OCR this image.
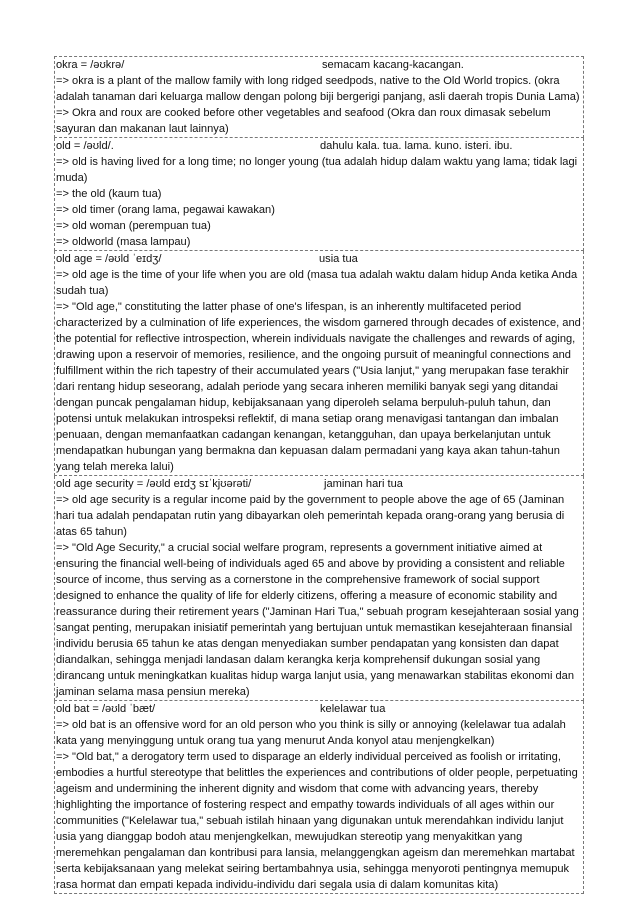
okra = /əʊkrə/	semacam kacang-kacangan.
=> okra is a plant of the mallow family with long ridged seedpods, native to the Old World tropics. (okra adalah tanaman dari keluarga mallow dengan polong biji bergerigi panjang, asli daerah tropis Dunia Lama)
=> Okra and roux are cooked before other vegetables and seafood (Okra dan roux dimasak sebelum sayuran dan makanan laut lainnya)
old = /əʊld/.	dahulu kala. tua. lama. kuno. isteri. ibu.
=> old is having lived for a long time; no longer young (tua adalah hidup dalam waktu yang lama; tidak lagi muda)
=> the old (kaum tua)
=> old timer (orang lama, pegawai kawakan)
=> old woman (perempuan tua)
=> oldworld (masa lampau)
old age = /əʊld ˈeɪdʒ/	usia tua
=> old age is the time of your life when you are old (masa tua adalah waktu dalam hidup Anda ketika Anda sudah tua)
=> "Old age," constituting the latter phase of one's lifespan, is an inherently multifaceted period characterized by a culmination of life experiences, the wisdom garnered through decades of existence, and the potential for reflective introspection, wherein individuals navigate the challenges and rewards of aging, drawing upon a reservoir of memories, resilience, and the ongoing pursuit of meaningful connections and fulfillment within the rich tapestry of their accumulated years ("Usia lanjut," yang merupakan fase terakhir dari rentang hidup seseorang, adalah periode yang secara inheren memiliki banyak segi yang ditandai dengan puncak pengalaman hidup, kebijaksanaan yang diperoleh selama berpuluh-puluh tahun, dan potensi untuk melakukan introspeksi reflektif, di mana setiap orang menavigasi tantangan dan imbalan penuaan, dengan memanfaatkan cadangan kenangan, ketangguhan, dan upaya berkelanjutan untuk mendapatkan hubungan yang bermakna dan kepuasan dalam permadani yang kaya akan tahun-tahun yang telah mereka lalui)
old age security = /əʊld eɪdʒ sɪˈkjʊərəti/	jaminan hari tua
=> old age security is a regular income paid by the government to people above the age of 65 (Jaminan hari tua adalah pendapatan rutin yang dibayarkan oleh pemerintah kepada orang-orang yang berusia di atas 65 tahun)
=> "Old Age Security," a crucial social welfare program, represents a government initiative aimed at ensuring the financial well-being of individuals aged 65 and above by providing a consistent and reliable source of income, thus serving as a cornerstone in the comprehensive framework of social support designed to enhance the quality of life for elderly citizens, offering a measure of economic stability and reassurance during their retirement years ("Jaminan Hari Tua," sebuah program kesejahteraan sosial yang sangat penting, merupakan inisiatif pemerintah yang bertujuan untuk memastikan kesejahteraan finansial individu berusia 65 tahun ke atas dengan menyediakan sumber pendapatan yang konsisten dan dapat diandalkan, sehingga menjadi landasan dalam kerangka kerja komprehensif dukungan sosial yang dirancang untuk meningkatkan kualitas hidup warga lanjut usia, yang menawarkan stabilitas ekonomi dan jaminan selama masa pensiun mereka)
old bat = /əʊld ˈbæt/	kelelawar tua
=> old bat is an offensive word for an old person who you think is silly or annoying (kelelawar tua adalah kata yang menyinggung untuk orang tua yang menurut Anda konyol atau menjengkelkan)
=> "Old bat," a derogatory term used to disparage an elderly individual perceived as foolish or irritating, embodies a hurtful stereotype that belittles the experiences and contributions of older people, perpetuating ageism and undermining the inherent dignity and wisdom that come with advancing years, thereby highlighting the importance of fostering respect and empathy towards individuals of all ages within our communities ("Kelelawar tua," sebuah istilah hinaan yang digunakan untuk merendahkan individu lanjut usia yang dianggap bodoh atau menjengkelkan, mewujudkan stereotip yang menyakitkan yang meremehkan pengalaman dan kontribusi para lansia, melanggengkan ageism dan meremehkan martabat serta kebijaksanaan yang melekat seiring bertambahnya usia, sehingga menyoroti pentingnya memupuk rasa hormat dan empati kepada individu-individu dari segala usia di dalam komunitas kita)
